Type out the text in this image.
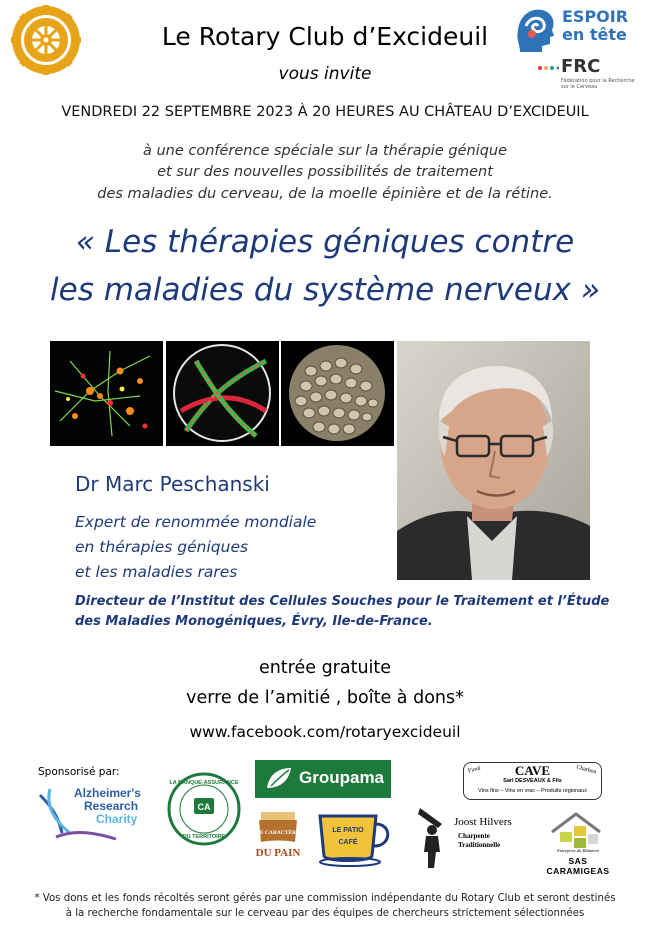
Le Rotary Club d’Excideuil
vous invite
ESPOIR
en tête
FRC
Fédération pour la Recherche sur le Cerveau
VENDREDI 22 SEPTEMBRE 2023 À 20 HEURES AU CHÂTEAU D’EXCIDEUIL
à une conférence spéciale sur la thérapie génique
et sur des nouvelles possibilités de traitement
des maladies du cerveau, de la moelle épinière et de la rétine.
« Les thérapies géniques contre
les maladies du système nerveux »
Dr Marc Peschanski
Expert de renommée mondiale
en thérapies géniques
et les maladies rares
Directeur de l’Institut des Cellules Souches pour le Traitement et l’Étude
des Maladies Monogéniques, Évry, Ile-de-France.
entrée gratuite
verre de l’amitié , boîte à dons*
www.facebook.com/rotaryexcideuil
Sponsorisé par:
Alzheimer's
Research
Charity
CA
LA BANQUE·ASSURANCE
DU TERRITOIRE
Groupama	Fioul	Charbon
CAVE
Sarl DESVEAUX & Fils
Vins fins – Vins en vrac – Produits régionaux
LE CARACTÈRE
DU PAIN
LE PATIO
CAFÉ
Joost Hilvers
Charpente
Traditionnelle
Entreprise du Bâtiment
SAS CARAMIGEAS
* Vos dons et les fonds récoltés seront gérés par une commission indépendante du Rotary Club et seront destinés
à la recherche fondamentale sur le cerveau par des équipes de chercheurs strictement sélectionnées
